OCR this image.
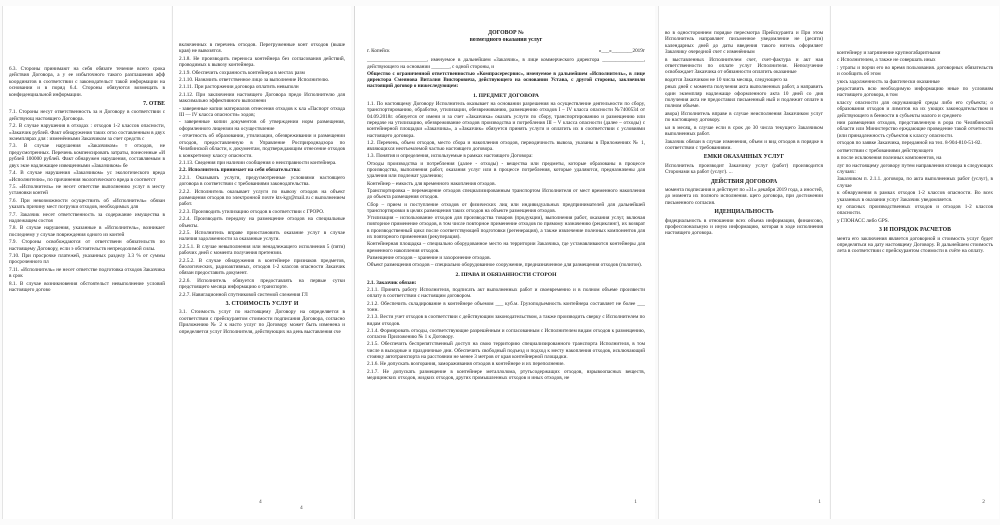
6.3. Стороны принимают на себя обязате течение всего срока действия Договора, а у ее избыточного такого разглашения афф координатов в соответствии с законодательст такой информации на основании и в поряд 6.4. Стороны обязуются возмещать в конфиденциальной информации.

7. ОТВЕ

7.1. Стороны несут ответственность за н Договору в соответствии с действующ настоящего Договора.

7.2. В случае нарушения в отходах : отходов 1-2 классов опасности, «Заказчик рублей. Факт обнаружения таких отхо составленным в двух экземплярах для : изменёнными Заказчиком за счет средств с

7.3. В случае нарушения «Заказчиком» т отходов, не предусмотренных. Перечень компенсировать затраты, понесенные «И рублей 100000 рублей. Факт обнаружен нарушения, составляемым в двух экзе надлежащее извещенными «Заказчиком» бе

7.4. В случае нарушения «Заказчиком» ус экологического вреда «Исполнителю», по причинения экологического вреда в соответст

7.5. «Исполнитель» не несет ответстве выполнению услуг в месту установки контей

7.6. При невозможности осуществить об «Исполнитель» обязан указать причину мест погрузки отходов, необходимых для

7.7. Заказчик несет ответственность за содержание имущества в надлежащем состоя

7.8. В случае нарушения, указанные в «Исполнитель», возникает последнему у случае повреждения одного из контей

7.9. Стороны освобождаются от ответственн обязательств по настоящему Договору, если э обстоятельств непреодолимой силы.

7.10. При просрочке платежей, указанных разделу 3.3 % от суммы просроченного пл

7.11. «Исполнитель» не несет ответстве подготовка отходов Заказчика в срок

8.1. В случае возникновения обстоятельст невыполнение условий настоящего догово

включенных в перечень отходов. Перегруженные конт отходов (выше края) не вывозятся.

2.1.8. Не производить переноса контейнера без согласования действий, проводимых к вывозу контейнера.

2.1.9. Обеспечить сохранность контейнера в местах разм

2.1.10. Назначить ответственное лицо за выполнение Исполнителю.

2.1.11. При расторжении договора оплатить невыполн

2.1.12. При заключении настоящего Договора предо Исполнителю для максимально эффективного выполнени

- заверенные копии материалов отнесения отходов к кла «Паспорт отхода III — IV класса опасности» ходов;

- заверенные копии документов об утверждении норм размещения, оформленного лицензии на осуществление

- отчетность об образовании, утилизации, обезвреживании и размещении отходов, предоставленную в Управление Росприроднадзора по Челябинской области, к документам, подтверждающим отнесение отходов к конкретному классу опасности.

2.1.13. Сведения при наличии сообщения о неисправности контейнера.

2.2. Исполнитель принимает на себя обязательства:

2.2.1. Оказывать услуги, предусмотренные условиями настоящего договора в соответствии с требованиями законодательства.

2.2.2. Исполнитель оказывает услуги по вывозу отходов на объект размещения отходов по электронной почте kts-kgr@mail.ru с выполнением работ.

2.2.3. Производить утилизацию отходов в соответствии с ГРОРО.

2.2.4. Производить передачу на размещение отходов на специальные объекты.

2.2.5. Исполнитель вправе приостановить оказание услуг в случае наличия задолженности за оказанные услуги.

2.2.5.1. В случае невыполнения или ненадлежащего исполнения 5 (пяти) рабочих дней с момента получения претензии.

2.2.5.2. В случае обнаружения в контейнере признаков предметов, биологических, радиоактивных, отходов 1-2 классов опасности Заказчик обязан предоставить документ.

2.2.6. Исполнитель обязуется предоставлять на первые сутки предстоящего месяца информацию о транспорте.

2.2.7. Навигационной спутниковой системой слежения ГЛ

3. СТОИМОСТЬ УСЛУГ И

3.1. Стоимость услуг по настоящему Договору на определяется в соответствии с прейскурантом стоимости подписания Договора, согласно Приложению № 2 к насто услуг по Договору может быть изменена и определяется услуг Исполнителя, действующих на день выставления сче

4
ДОГОВОР №
возмездного оказания услуг
г. Копейск	«___»________2019г

_______________________, именуемое в дальнейшем «Заказчик», в лице коммерческого директора ________________, действующего на основании _______, с одной стороны, и

Общество с ограниченной ответственностью «Компрасересрвис», именуемое в дальнейшем «Исполнитель», в лице директора Смеянова Виталия Викторовича, действующего на основании Устава, с другой стороны, заключили настоящий договор о нижеследующем:

1. ПРЕДМЕТ ДОГОВОРА

1.1. По настоящему Договору Исполнитель оказывает на основании разрешения на осуществление деятельности по сбору, транспортированию, обработке, утилизации, обезвреживанию, размещению отходов I – IV класса опасности №7400534 от 04.09.2018г. обязуется от имени и за счет «Заказчика» оказать услуги по сбору, транспортированию и размещению или передаче на утилизацию, обезвреживание отходов производства и потребления III – V класса опасности (далее – отходы) с контейнерной площадки «Заказчика», а «Заказчик» обязуется принять услуги и оплатить их в соответствии с условиями настоящего договора.

1.2. Перечень, объем отходов, место сбора и накопления отходов, периодичность вывоза, указаны в Приложениях № 1, являющихся неотъемлемой частью настоящего договора.

1.3. Понятия и определения, используемые в рамках настоящего Договора:

Отходы производства и потребления (далее - отходы) - вещества или предметы, которые образованы в процессе производства, выполнения работ, оказания услуг или в процессе потребления, которые удаляются, предназначены для удаления или подлежат удалению;

Контейнер – емкость для временного накопления отходов.

Транспортировка – перемещение отходов специализированным транспортом Исполнителя от мест временного накопления до объекта размещения отходов.

Сбор – прием и поступление отходов от физических лиц или индивидуальных предпринимателей для дальнейшей транспортировки в целях размещения таких отходов на объекте размещения отходов.

Утилизация – использование отходов для производства товаров (продукции), выполнения работ, оказания услуг, включая повторное применение отходов, в том числе повторное применение отходов по прямому назначению (рециклинг), их возврат в производственный цикл после соответствующей подготовки (регенерация), а также извлечение полезных компонентов для их повторного применения (рекуперация).

Контейнерная площадка – специально оборудованное место на территории Заказчика, где устанавливаются контейнеры для временного накопления отходов.

Размещение отходов – хранение и захоронение отходов.

Объект размещения отходов – специально оборудованное сооружение, предназначенное для размещения отходов (полигон).

2. ПРАВА И ОБЯЗАННОСТИ СТОРОН

2.1. Заказчик обязан:

2.1.1. Принять работу Исполнителя, подписать акт выполненных работ и своевременно и в полном объеме произвести оплату в соответствии с настоящим договором.

2.1.2. Обеспечить складирование в контейнере объемом ___ куб.м. Грузоподъемность контейнера составляет не более ___ тонн.

2.1.3. Вести учет отходов в соответствии с действующим законодательством, а также производить сверку с Исполнителем по видам отходов.

2.1.4. Формировать отходы, соответствующие разрешённым и согласованным с Исполнителем видам отходов к размещению, согласно Приложению № 1 к Договору.

2.1.5. Обеспечить беспрепятственный доступ на свою территорию специализированного транспорта Исполнителя, в том числе в выходные и праздничные дни. Обеспечить свободный подъезд и подход к месту накопления отходов, исключающий стоянку автотранспорта на расстоянии не менее 3 метров от края контейнерной площадки.

2.1.6. Не допускать возгорания, замораживания отходов в контейнере и их переполнение.

2.1.7. Не допускать размещение в контейнере металлолома, ртутьсодержащих отходов, взрывоопасных веществ, медицинских отходов, жидких отходов, других промышленных отходов и иных отходов, не

1

во в одностороннем порядке пересмотра Прейскуранта и При этом Исполнитель направляет письменное уведомление не (десяти) календарных дней до даты введения такого нитель оформляет Заказчику очередной счет с изменённым

в выставленных Исполнителем счет, счет-фактура и акт ная ответственности по оплате услуг Исполнителя. Неполучение освобождает Заказчика от обязанности оплатить оказанные

водится Заказчиком не 10 числа месяца, следующего за

рных дней с момента получения акта выполненных работ, а направить один экземпляр надлежаще оформленного акта 10 дней со дня получения акта не предоставил письменный ный и подлежит оплате в полном объеме.

авора) Исполнитель вправе в случае неисполнения Заказчиком услуг по настоящему договору.

ьи в месяц, в случае если в срок до 30 числа текущего Заказчиком выполненных работ.

Заказчик обязан в случае изменения, объем и вид отходов в порядке в соответствии с требованиями.

ЕМКИ ОКАЗАННЫХ УСЛУГ

Исполнитель производит Заказчику услуг (работ) производится Сторонами ка работ (услуг). ...

ДЕЙСТВИЯ ДОГОВОРА

момента подписания и действует по «31» декабря 2019 года, а иностей, до момента их полного исполнения. щего договора, при достижении письменного согласия.

ИДЕНЦИАЛЬНОСТЬ

фидециальность в отношении всех объема информации, финансово, профессиональную и иную информацию, которая в ходе исполнения настоящего договора.

1

контейнеру и загрязнение крупногабаритными

с Исполнителем, а также не совершать иных

: утраты и порчи его во время пользования. договорных обязательств и сообщить об этом

уюсь задолженность за фактически оказанные

редоставить всю необходимую информацию нные по условиям настоящего договора, в том

классу опасности для окружающей среды либо его субъекта; о образования отходов и лимитов на их ующих законодательством и действующего в бенности в субъекты малого и среднего

нии размещения отходов, представленную в рора по Челябинской области или Министерство ерждающие проведение такой отчетности (или принадлежность субъектов к классу опасности.

отходов по заявке Заказчика, переданной на тел. 8-904-810-51-82.

оответствии с требованиями действующего

в после исключения полезных компонентов, на

луг по настоящему договору путем направления ктовора в следующих случаях:

Заказчиком п. 2.1.1. договора, по акта выполненных работ (услуг), в случае

к обнаружения в рамках отходов 1-2 классов опасности. Во всех указанных в оказании услуг Заказчик уведомляется.

ку опасных производственных отходов и отходов 1-2 классов опасности.

у ГЛОНАСС либо GPS.

3 И ПОРЯДОК РАСЧЕТОВ

мента его заключения является договорной и стоимость услуг будет определяться на дату настоящему Договору. В дальнейшем стоимость лета в соответствии с прейскурантом стоимости в счёте на оплату.

2
4
